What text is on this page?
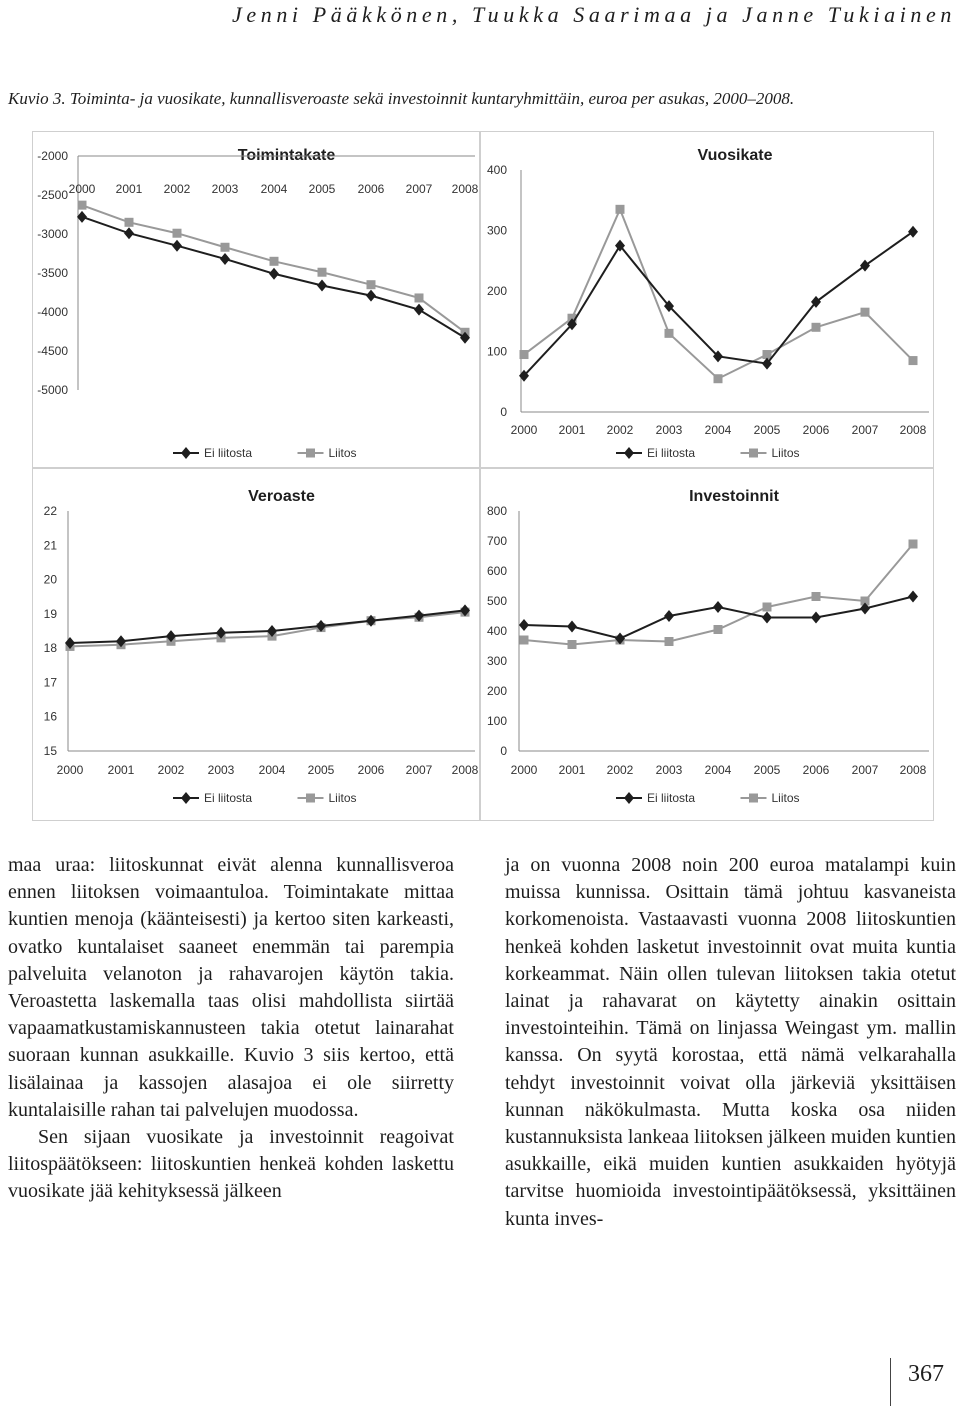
Jenni Pääkkönen, Tuukka Saarimaa ja Janne Tukiainen
Kuvio 3. Toiminta- ja vuosikate, kunnallisveroaste sekä investoinnit kuntaryhmittäin, euroa per asukas, 2000–2008.
Toimintakate
-2000
-2500
-3000
-3500
-4000
-4500
-5000
2000 2001 2002 2003 2004 2005 2006 2007 2008
Ei liitosta	Liitos
Vuosikate
400
300
200
100
0
2000 2001 2002 2003 2004 2005 2006 2007 2008
Ei liitosta	Liitos
Veroaste
22
21
20
19
18
17
16
15
2000 2001 2002 2003 2004 2005 2006 2007 2008
Ei liitosta	Liitos
Investoinnit
800
700
600
500
400
300
200
100
0
2000 2001 2002 2003 2004 2005 2006 2007 2008
Ei liitosta	Liitos

maa uraa: liitoskunnat eivät alenna kunnallisveroa ennen liitoksen voimaantuloa. Toimintakate mittaa kuntien menoja (käänteisesti) ja kertoo siten karkeasti, ovatko kuntalaiset saaneet enemmän tai parempia palveluita velanoton ja rahavarojen käytön takia. Veroastetta laskemalla taas olisi mahdollista siirtää vapaamatkustamiskannusteen takia otetut lainarahat suoraan kunnan asukkaille. Kuvio 3 siis kertoo, että lisälainaa ja kassojen alasajoa ei ole siirretty kuntalaisille rahan tai palvelujen muodossa.

Sen sijaan vuosikate ja investoinnit reagoivat liitospäätökseen: liitoskuntien henkeä kohden laskettu vuosikate jää kehityksessä jälkeen

ja on vuonna 2008 noin 200 euroa matalampi kuin muissa kunnissa. Osittain tämä johtuu kasvaneista korkomenoista. Vastaavasti vuonna 2008 liitoskuntien henkeä kohden lasketut investoinnit ovat muita kuntia korkeammat. Näin ollen tulevan liitoksen takia otetut lainat ja rahavarat on käytetty ainakin osittain investointeihin. Tämä on linjassa Weingast ym. mallin kanssa. On syytä korostaa, että nämä velkarahalla tehdyt investoinnit voivat olla järkeviä yksittäisen kunnan näkökulmasta. Mutta koska osa niiden kustannuksista lankeaa liitoksen jälkeen muiden kuntien asukkaille, eikä muiden kuntien asukkaiden hyötyjä tarvitse huomioida investointipäätöksessä, yksittäinen kunta inves-

367
